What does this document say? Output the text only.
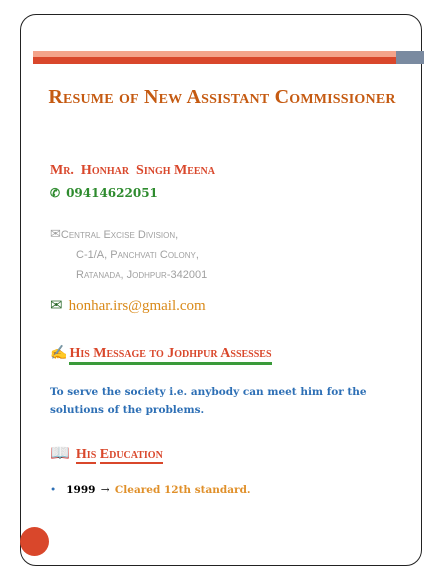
Resume of New Assistant Commissioner
Mr.  Honhar  Singh Meena
✆ 09414622051
✉Central Excise Division,
C-1/A, Panchvati Colony,
Ratanada, Jodhpur-342001
✉ honhar.irs@gmail.com
✍ His Message to Jodhpur Assesses
To serve the society i.e. anybody can meet him for the solutions of the problems.
📖 His Education
• 1999 → Cleared 12th standard.
